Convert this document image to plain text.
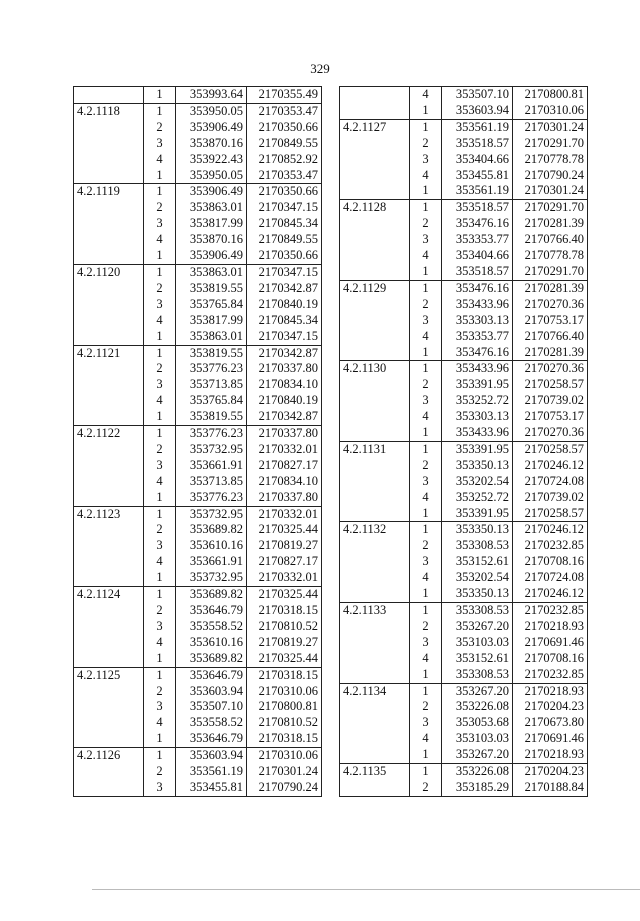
329
	1	353993.64	2170355.49
4.2.1118	1	353950.05	2170353.47
	2	353906.49	2170350.66
	3	353870.16	2170849.55
	4	353922.43	2170852.92
	1	353950.05	2170353.47
4.2.1119	1	353906.49	2170350.66
	2	353863.01	2170347.15
	3	353817.99	2170845.34
	4	353870.16	2170849.55
	1	353906.49	2170350.66
4.2.1120	1	353863.01	2170347.15
	2	353819.55	2170342.87
	3	353765.84	2170840.19
	4	353817.99	2170845.34
	1	353863.01	2170347.15
4.2.1121	1	353819.55	2170342.87
	2	353776.23	2170337.80
	3	353713.85	2170834.10
	4	353765.84	2170840.19
	1	353819.55	2170342.87
4.2.1122	1	353776.23	2170337.80
	2	353732.95	2170332.01
	3	353661.91	2170827.17
	4	353713.85	2170834.10
	1	353776.23	2170337.80
4.2.1123	1	353732.95	2170332.01
	2	353689.82	2170325.44
	3	353610.16	2170819.27
	4	353661.91	2170827.17
	1	353732.95	2170332.01
4.2.1124	1	353689.82	2170325.44
	2	353646.79	2170318.15
	3	353558.52	2170810.52
	4	353610.16	2170819.27
	1	353689.82	2170325.44
4.2.1125	1	353646.79	2170318.15
	2	353603.94	2170310.06
	3	353507.10	2170800.81
	4	353558.52	2170810.52
	1	353646.79	2170318.15
4.2.1126	1	353603.94	2170310.06
	2	353561.19	2170301.24
	3	353455.81	2170790.24
	4	353507.10	2170800.81
	1	353603.94	2170310.06
4.2.1127	1	353561.19	2170301.24
	2	353518.57	2170291.70
	3	353404.66	2170778.78
	4	353455.81	2170790.24
	1	353561.19	2170301.24
4.2.1128	1	353518.57	2170291.70
	2	353476.16	2170281.39
	3	353353.77	2170766.40
	4	353404.66	2170778.78
	1	353518.57	2170291.70
4.2.1129	1	353476.16	2170281.39
	2	353433.96	2170270.36
	3	353303.13	2170753.17
	4	353353.77	2170766.40
	1	353476.16	2170281.39
4.2.1130	1	353433.96	2170270.36
	2	353391.95	2170258.57
	3	353252.72	2170739.02
	4	353303.13	2170753.17
	1	353433.96	2170270.36
4.2.1131	1	353391.95	2170258.57
	2	353350.13	2170246.12
	3	353202.54	2170724.08
	4	353252.72	2170739.02
	1	353391.95	2170258.57
4.2.1132	1	353350.13	2170246.12
	2	353308.53	2170232.85
	3	353152.61	2170708.16
	4	353202.54	2170724.08
	1	353350.13	2170246.12
4.2.1133	1	353308.53	2170232.85
	2	353267.20	2170218.93
	3	353103.03	2170691.46
	4	353152.61	2170708.16
	1	353308.53	2170232.85
4.2.1134	1	353267.20	2170218.93
	2	353226.08	2170204.23
	3	353053.68	2170673.80
	4	353103.03	2170691.46
	1	353267.20	2170218.93
4.2.1135	1	353226.08	2170204.23
	2	353185.29	2170188.84
